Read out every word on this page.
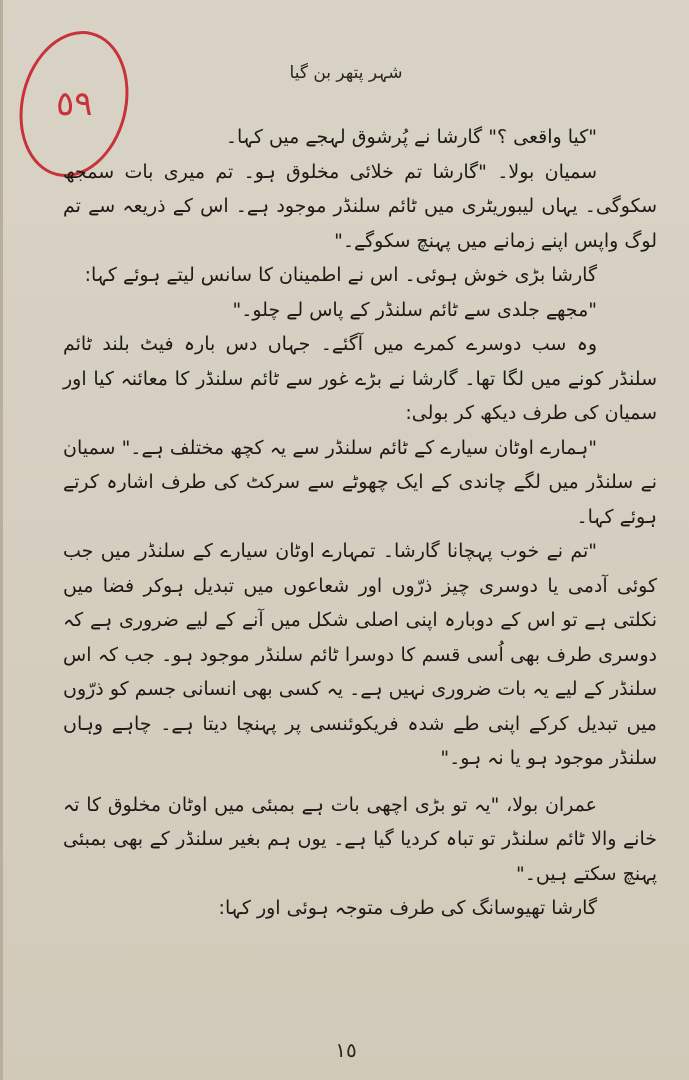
٥٩
شہر پتھر بن گیا

"کیا واقعی ؟" گارشا نے پُرشوق لہجے میں کہا۔

سمیان بولا۔ "گارشا تم خلائی مخلوق ہو۔ تم میری بات سمجھ سکوگی۔ یہاں لیبوریٹری میں ٹائم سلنڈر موجود ہے۔ اس کے ذریعہ سے تم لوگ واپس اپنے زمانے میں پہنچ سکوگے۔"

گارشا بڑی خوش ہوئی۔ اس نے اطمینان کا سانس لیتے ہوئے کہا:

"مجھے جلدی سے ٹائم سلنڈر کے پاس لے چلو۔"

وہ سب دوسرے کمرے میں آگئے۔ جہاں دس بارہ فیٹ بلند ٹائم سلنڈر کونے میں لگا تھا۔ گارشا نے بڑے غور سے ٹائم سلنڈر کا معائنہ کیا اور سمیان کی طرف دیکھ کر بولی:

"ہمارے اوٹان سیارے کے ٹائم سلنڈر سے یہ کچھ مختلف ہے۔" سمیان نے سلنڈر میں لگے چاندی کے ایک چھوٹے سے سرکٹ کی طرف اشارہ کرتے ہوئے کہا۔

"تم نے خوب پہچانا گارشا۔ تمہارے اوٹان سیارے کے سلنڈر میں جب کوئی آدمی یا دوسری چیز ذرّوں اور شعاعوں میں تبدیل ہوکر فضا میں نکلتی ہے تو اس کے دوبارہ اپنی اصلی شکل میں آنے کے لیے ضروری ہے کہ دوسری طرف بھی اُسی قسم کا دوسرا ٹائم سلنڈر موجود ہو۔ جب کہ اس سلنڈر کے لیے یہ بات ضروری نہیں ہے۔ یہ کسی بھی انسانی جسم کو ذرّوں میں تبدیل کرکے اپنی طے شدہ فریکوئنسی پر پہنچا دیتا ہے۔ چاہے وہاں سلنڈر موجود ہو یا نہ ہو۔"

عمران بولا، "یہ تو بڑی اچھی بات ہے بمبئی میں اوٹان مخلوق کا تہ خانے والا ٹائم سلنڈر تو تباہ کردیا گیا ہے۔ یوں ہم بغیر سلنڈر کے بھی بمبئی پہنچ سکتے ہیں۔"

گارشا تھیوسانگ کی طرف متوجہ ہوئی اور کہا:

١٥
